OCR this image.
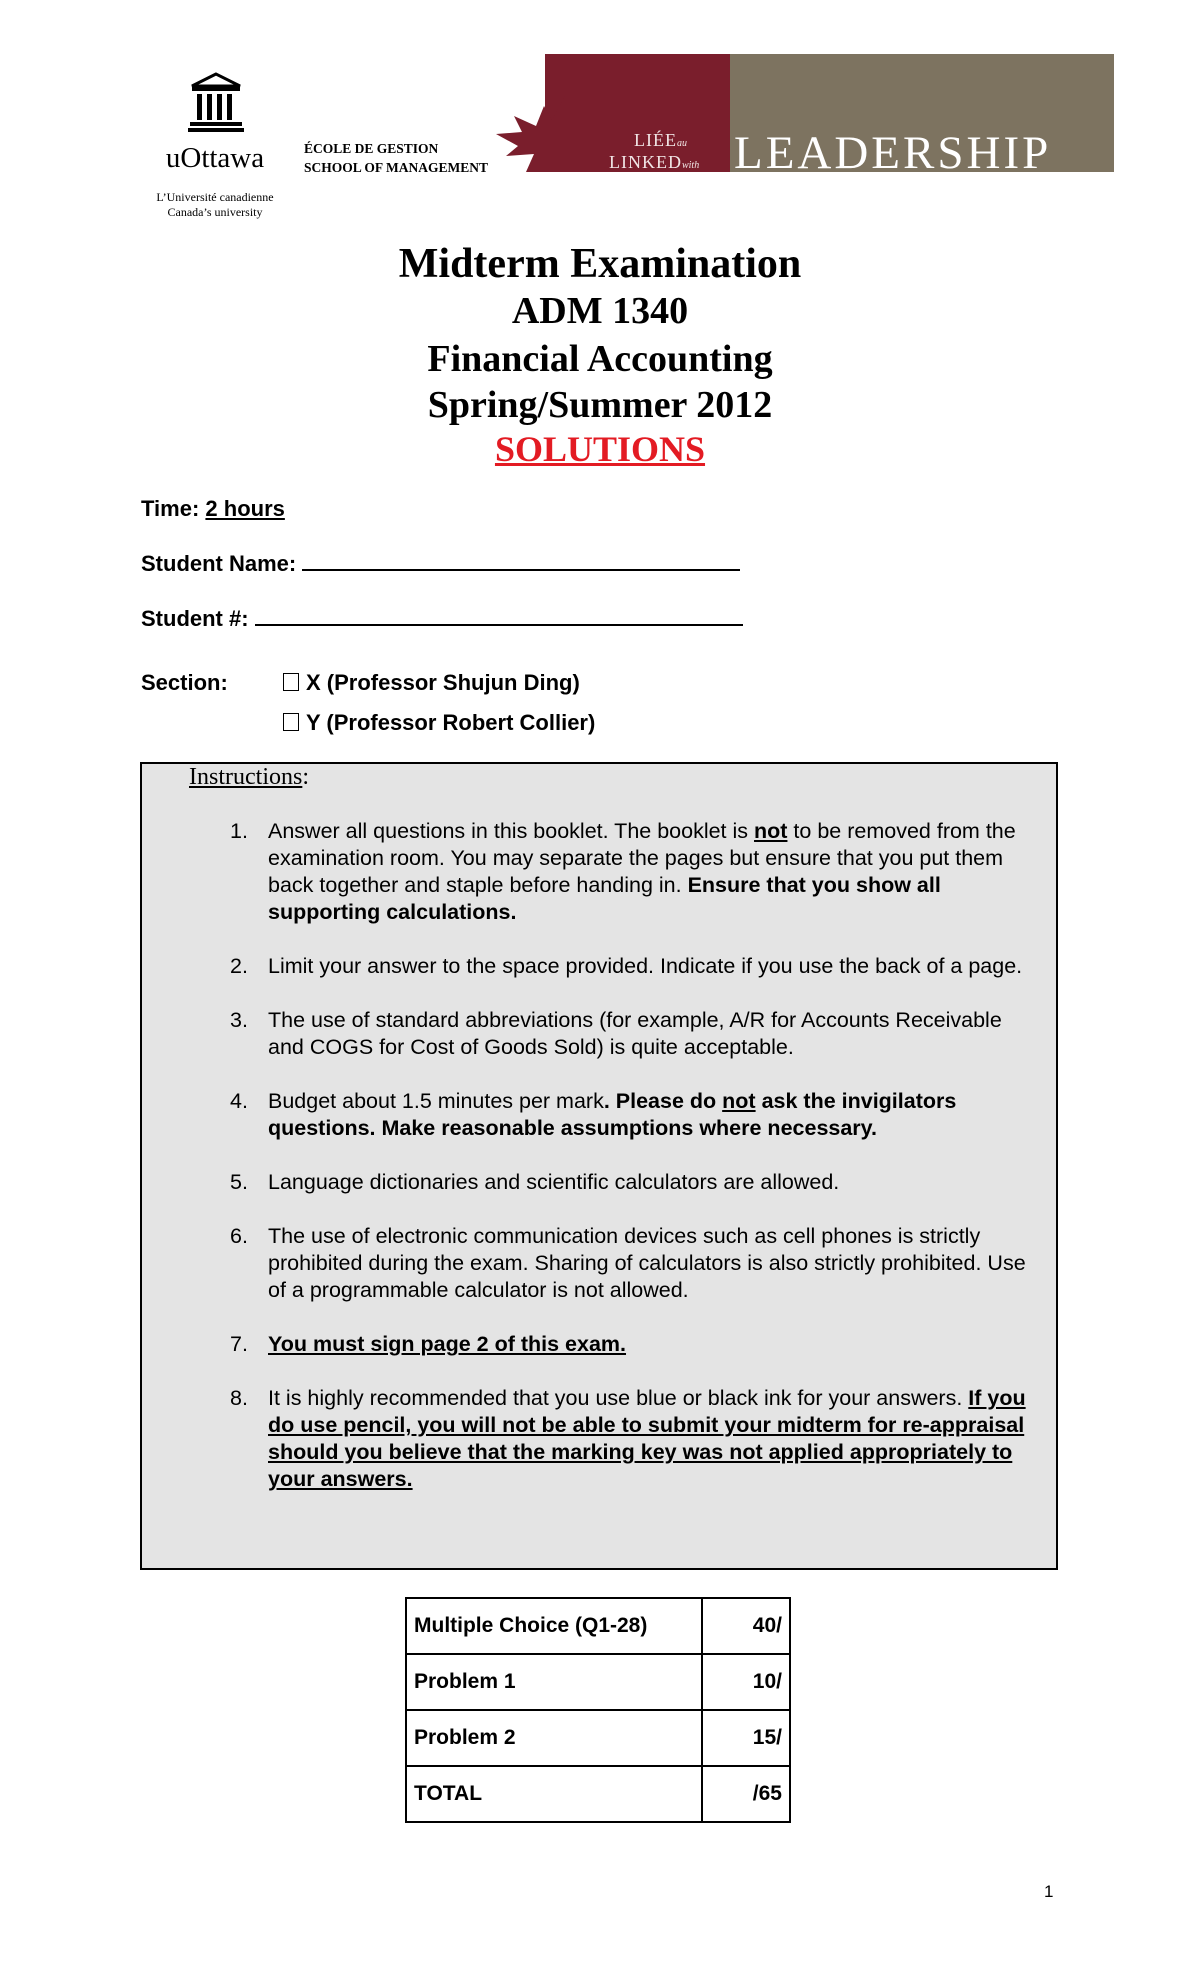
uOttawa
L’Université canadienne
Canada’s university
ÉCOLE DE GESTION
SCHOOL OF MANAGEMENT
LIÉEau
LINKEDwith LEADERSHIP
Midterm Examination
ADM 1340
Financial Accounting
Spring/Summer 2012
SOLUTIONS
Time: 2 hours
Student Name:
Student #:
Section:	X (Professor Shujun Ding)
Y (Professor Robert Collier)
Instructions:
1. Answer all questions in this booklet. The booklet is not to be removed from the examination room. You may separate the pages but ensure that you put them back together and staple before handing in. Ensure that you show all supporting calculations.
2. Limit your answer to the space provided. Indicate if you use the back of a page.
3. The use of standard abbreviations (for example, A/R for Accounts Receivable and COGS for Cost of Goods Sold) is quite acceptable.
4. Budget about 1.5 minutes per mark. Please do not ask the invigilators questions. Make reasonable assumptions where necessary.
5. Language dictionaries and scientific calculators are allowed.
6. The use of electronic communication devices such as cell phones is strictly prohibited during the exam. Sharing of calculators is also strictly prohibited. Use of a programmable calculator is not allowed.
7. You must sign page 2 of this exam.
8. It is highly recommended that you use blue or black ink for your answers. If you do use pencil, you will not be able to submit your midterm for re-appraisal should you believe that the marking key was not applied appropriately to your answers.
Multiple Choice (Q1-28)	40/
Problem 1	10/
Problem 2	15/
TOTAL	/65
1
